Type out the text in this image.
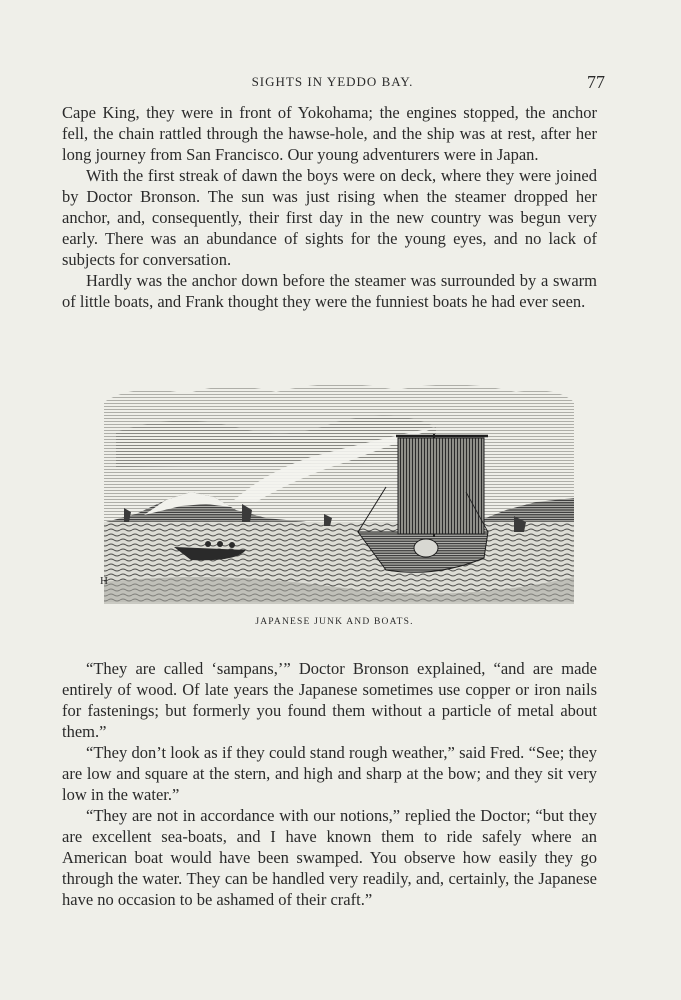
SIGHTS IN YEDDO BAY.	77

Cape King, they were in front of Yokohama; the engines stopped, the anchor fell, the chain rattled through the hawse-hole, and the ship was at rest, after her long journey from San Francisco. Our young adventurers were in Japan.

With the first streak of dawn the boys were on deck, where they were joined by Doctor Bronson. The sun was just rising when the steamer dropped her anchor, and, consequently, their first day in the new country was begun very early. There was an abundance of sights for the young eyes, and no lack of subjects for conversation.

Hardly was the anchor down before the steamer was surrounded by a swarm of little boats, and Frank thought they were the funniest boats he had ever seen.

H
JAPANESE JUNK AND BOATS.

“They are called ‘sampans,’” Doctor Bronson explained, “and are made entirely of wood. Of late years the Japanese sometimes use copper or iron nails for fastenings; but formerly you found them without a particle of metal about them.”

“They don’t look as if they could stand rough weather,” said Fred. “See; they are low and square at the stern, and high and sharp at the bow; and they sit very low in the water.”

“They are not in accordance with our notions,” replied the Doctor; “but they are excellent sea-boats, and I have known them to ride safely where an American boat would have been swamped. You observe how easily they go through the water. They can be handled very readily, and, certainly, the Japanese have no occasion to be ashamed of their craft.”
